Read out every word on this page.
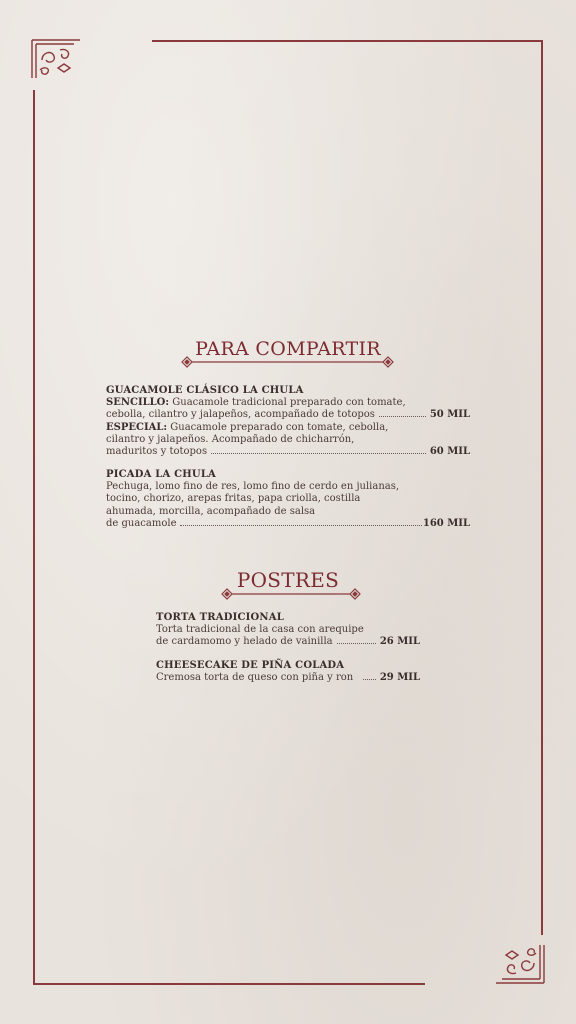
PARA COMPARTIR
GUACAMOLE CLÁSICO LA CHULA
SENCILLO: Guacamole tradicional preparado con tomate,
cebolla, cilantro y jalapeños, acompañado de totopos	50 MIL
ESPECIAL: Guacamole preparado con tomate, cebolla,
cilantro y jalapeños. Acompañado de chicharrón,
maduritos y totopos	60 MIL
PICADA LA CHULA
Pechuga, lomo fino de res, lomo fino de cerdo en julianas,
tocino, chorizo, arepas fritas, papa criolla, costilla
ahumada, morcilla, acompañado de salsa
de guacamole	160 MIL
POSTRES
TORTA TRADICIONAL
Torta tradicional de la casa con arequipe
de cardamomo y helado de vainilla	26 MIL
CHEESECAKE DE PIÑA COLADA
Cremosa torta de queso con piña y ron	29 MIL
